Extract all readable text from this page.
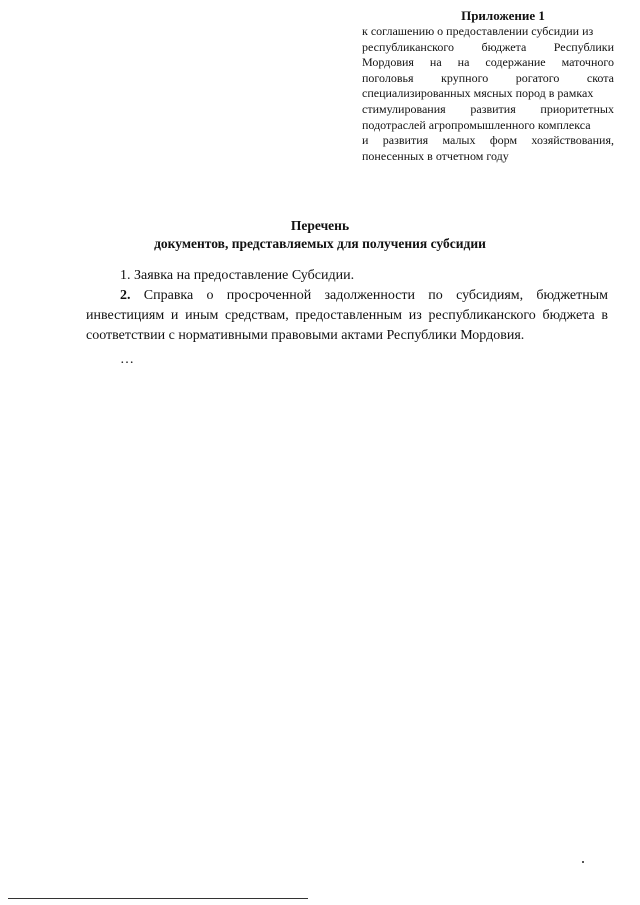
Приложение 1
к соглашению о предоставлении субсидии из
республиканского бюджета Республики
Мордовия на на содержание маточного
поголовья крупного рогатого скота
специализированных мясных пород в рамках
стимулирования развития приоритетных
подотраслей агропромышленного комплекса
и развития малых форм хозяйствования,
понесенных в отчетном году
Перечень
документов, представляемых для получения субсидии
1. Заявка на предоставление Субсидии.
2. Справка о просроченной задолженности по субсидиям, бюджетным инвестициям и иным средствам, предоставленным из республиканского бюджета в соответствии с нормативными правовыми актами Республики Мордовия.
…
